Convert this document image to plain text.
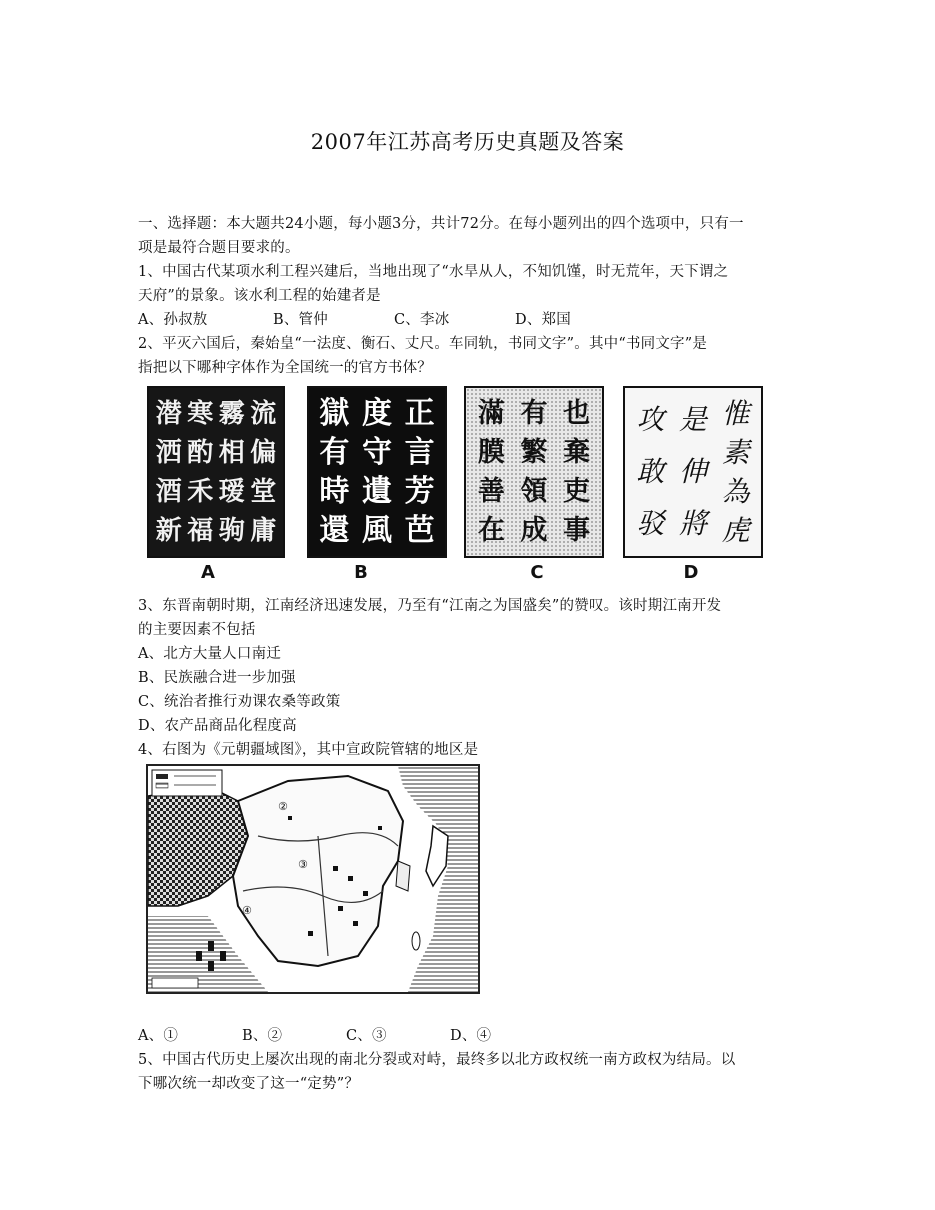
2007年江苏高考历史真题及答案
一、选择题：本大题共24小题，每小题3分，共计72分。在每小题列出的四个选项中，只有一
项是最符合题目要求的。
1、中国古代某项水利工程兴建后，当地出现了“水旱从人，不知饥馑，时无荒年，天下谓之
天府”的景象。该水利工程的始建者是
A、孙叔敖	B、管仲	C、李冰	D、郑国
2、平灭六国后，秦始皇“一法度、衡石、丈尺。车同轨，书同文字”。其中“书同文字”是
指把以下哪种字体作为全国统一的官方书体？
流
偏
堂
庸
霧
相
瑷
驹
寒
酌
禾
福
潜
洒
酒
新
正
言
芳
芭
度
守
遺
風
獄
有
時
還
也
棄
吏
事
有
繁
領
成
滿
膜
善
在
惟
素
為
虎
是
伸
將
攻
敢
驳
A	B	C	D
3、东晋南朝时期，江南经济迅速发展，乃至有“江南之为国盛矣”的赞叹。该时期江南开发
的主要因素不包括
A、北方大量人口南迁
B、民族融合进一步加强
C、统治者推行劝课农桑等政策
D、农产品商品化程度高
4、右图为《元朝疆域图》，其中宣政院管辖的地区是
②
③
④
A、①	B、②	C、③	D、④
5、中国古代历史上屡次出现的南北分裂或对峙，最终多以北方政权统一南方政权为结局。以
下哪次统一却改变了这一“定势”？
